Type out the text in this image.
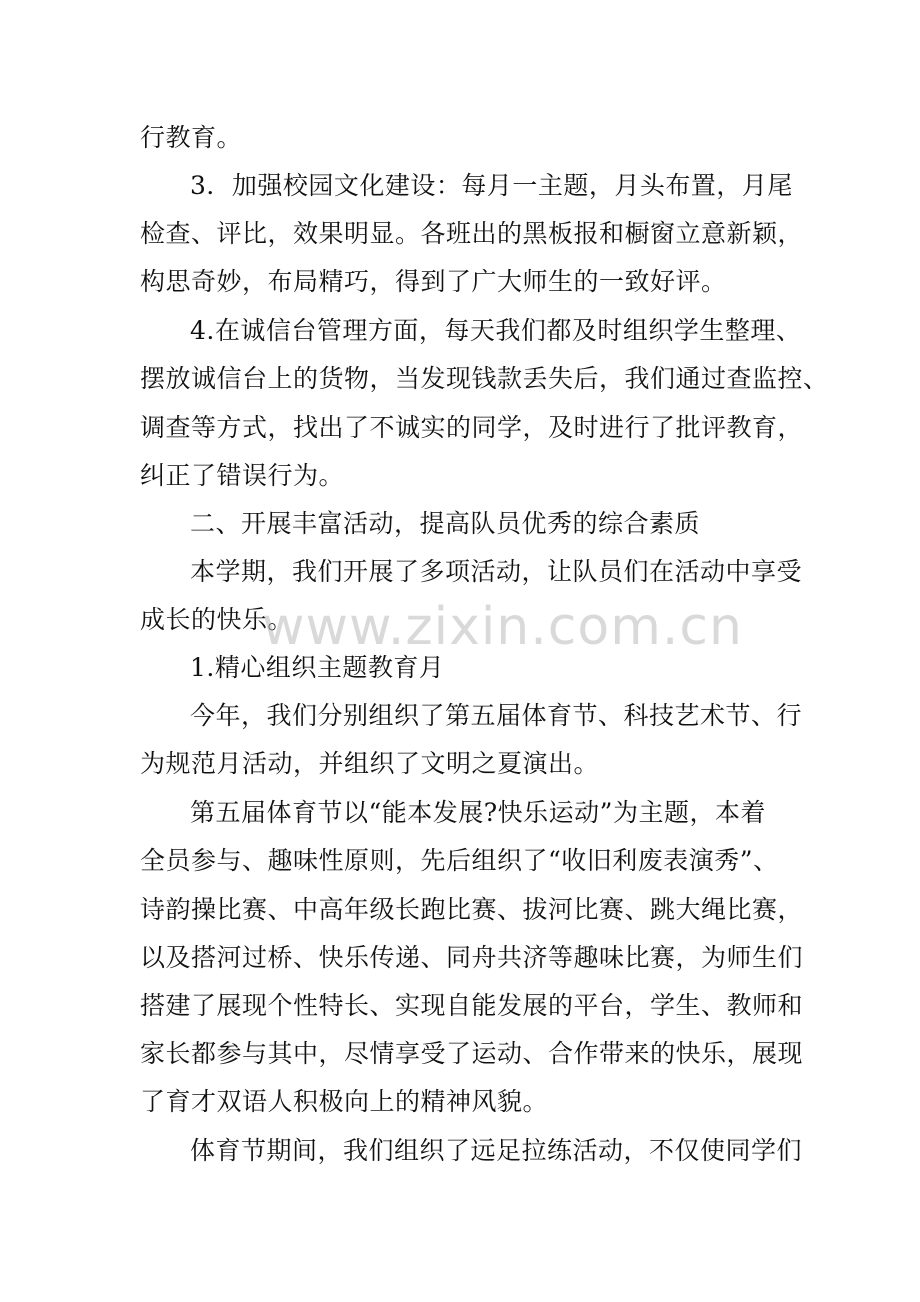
行教育。
3．加强校园文化建设：每月一主题，月头布置，月尾
检查、评比，效果明显。各班出的黑板报和橱窗立意新颖，
构思奇妙，布局精巧，得到了广大师生的一致好评。
4.在诚信台管理方面，每天我们都及时组织学生整理、
摆放诚信台上的货物，当发现钱款丢失后，我们通过查监控、
调查等方式，找出了不诚实的同学，及时进行了批评教育，
纠正了错误行为。
二、开展丰富活动，提高队员优秀的综合素质
本学期，我们开展了多项活动，让队员们在活动中享受
成长的快乐。
1.精心组织主题教育月
今年，我们分别组织了第五届体育节、科技艺术节、行
为规范月活动，并组织了文明之夏演出。
第五届体育节以“能本发展?快乐运动”为主题，本着
全员参与、趣味性原则，先后组织了“收旧利废表演秀”、
诗韵操比赛、中高年级长跑比赛、拔河比赛、跳大绳比赛，
以及搭河过桥、快乐传递、同舟共济等趣味比赛，为师生们
搭建了展现个性特长、实现自能发展的平台，学生、教师和
家长都参与其中，尽情享受了运动、合作带来的快乐，展现
了育才双语人积极向上的精神风貌。
体育节期间，我们组织了远足拉练活动，不仅使同学们
www.zixin.com.cn
